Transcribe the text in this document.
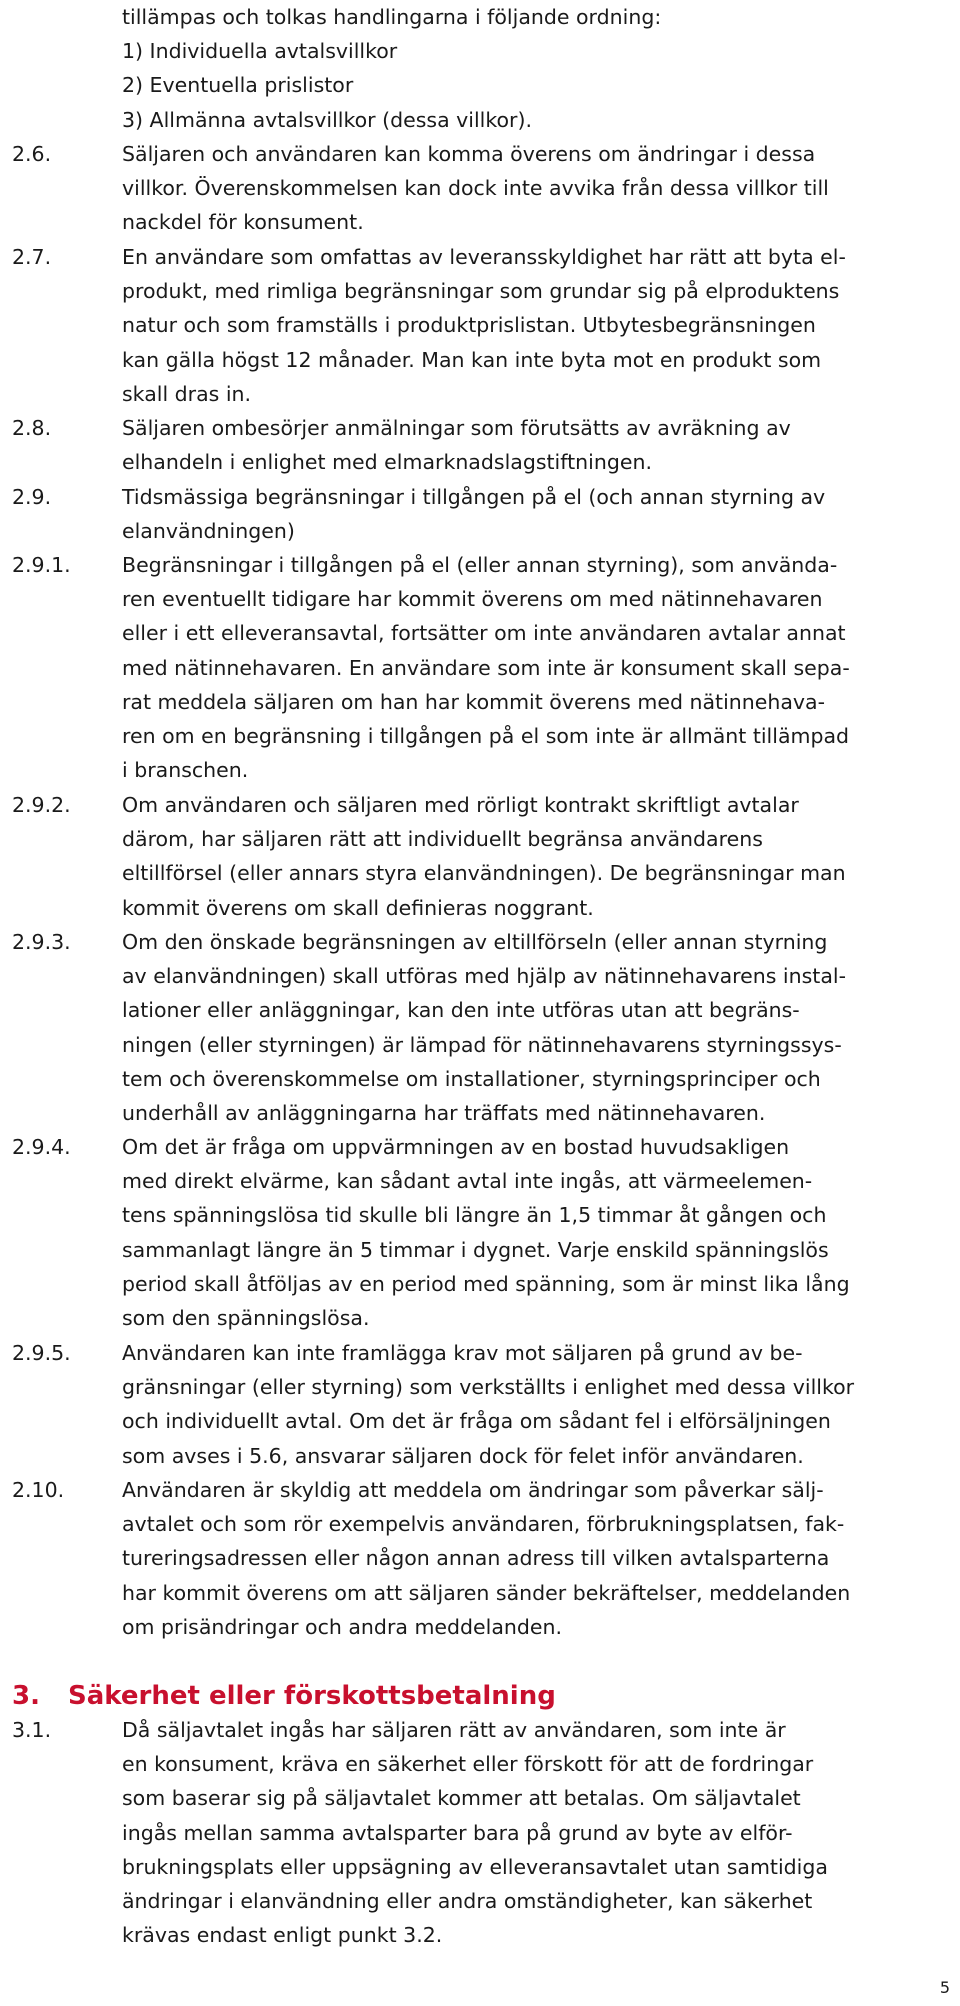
tillämpas och tolkas handlingarna i följande ordning:
1) Individuella avtalsvillkor
2) Eventuella prislistor
3) Allmänna avtalsvillkor (dessa villkor).
2.6.	Säljaren och användaren kan komma överens om ändringar i dessa
villkor. Överenskommelsen kan dock inte avvika från dessa villkor till
nackdel för konsument.
2.7.	En användare som omfattas av leveransskyldighet har rätt att byta el-
produkt, med rimliga begränsningar som grundar sig på elproduktens
natur och som framställs i produktprislistan. Utbytesbegränsningen
kan gälla högst 12 månader. Man kan inte byta mot en produkt som
skall dras in.
2.8.	Säljaren ombesörjer anmälningar som förutsätts av avräkning av
elhandeln i enlighet med elmarknadslagstiftningen.
2.9.	Tidsmässiga begränsningar i tillgången på el (och annan styrning av
elanvändningen)
2.9.1.	Begränsningar i tillgången på el (eller annan styrning), som använda-
ren eventuellt tidigare har kommit överens om med nätinnehavaren
eller i ett elleveransavtal, fortsätter om inte användaren avtalar annat
med nätinnehavaren. En användare som inte är konsument skall sepa-
rat meddela säljaren om han har kommit överens med nätinnehava-
ren om en begränsning i tillgången på el som inte är allmänt tillämpad
i branschen.
2.9.2.	Om användaren och säljaren med rörligt kontrakt skriftligt avtalar
därom, har säljaren rätt att individuellt begränsa användarens
eltillförsel (eller annars styra elanvändningen). De begränsningar man
kommit överens om skall definieras noggrant.
2.9.3.	Om den önskade begränsningen av eltillförseln (eller annan styrning
av elanvändningen) skall utföras med hjälp av nätinnehavarens instal-
lationer eller anläggningar, kan den inte utföras utan att begräns-
ningen (eller styrningen) är lämpad för nätinnehavarens styrningssys-
tem och överenskommelse om installationer, styrningsprinciper och
underhåll av anläggningarna har träffats med nätinnehavaren.
2.9.4.	Om det är fråga om uppvärmningen av en bostad huvudsakligen
med direkt elvärme, kan sådant avtal inte ingås, att värmeelemen-
tens spänningslösa tid skulle bli längre än 1,5 timmar åt gången och
sammanlagt längre än 5 timmar i dygnet. Varje enskild spänningslös
period skall åtföljas av en period med spänning, som är minst lika lång
som den spänningslösa.
2.9.5.	Användaren kan inte framlägga krav mot säljaren på grund av be-
gränsningar (eller styrning) som verkställts i enlighet med dessa villkor
och individuellt avtal. Om det är fråga om sådant fel i elförsäljningen
som avses i 5.6, ansvarar säljaren dock för felet inför användaren.
2.10.	Användaren är skyldig att meddela om ändringar som påverkar sälj-
avtalet och som rör exempelvis användaren, förbrukningsplatsen, fak-
tureringsadressen eller någon annan adress till vilken avtalsparterna
har kommit överens om att säljaren sänder bekräftelser, meddelanden
om prisändringar och andra meddelanden.
3.	Säkerhet eller förskottsbetalning
3.1.	Då säljavtalet ingås har säljaren rätt av användaren, som inte är
en konsument, kräva en säkerhet eller förskott för att de fordringar
som baserar sig på säljavtalet kommer att betalas. Om säljavtalet
ingås mellan samma avtalsparter bara på grund av byte av elför-
brukningsplats eller uppsägning av elleveransavtalet utan samtidiga
ändringar i elanvändning eller andra omständigheter, kan säkerhet
krävas endast enligt punkt 3.2.
5
